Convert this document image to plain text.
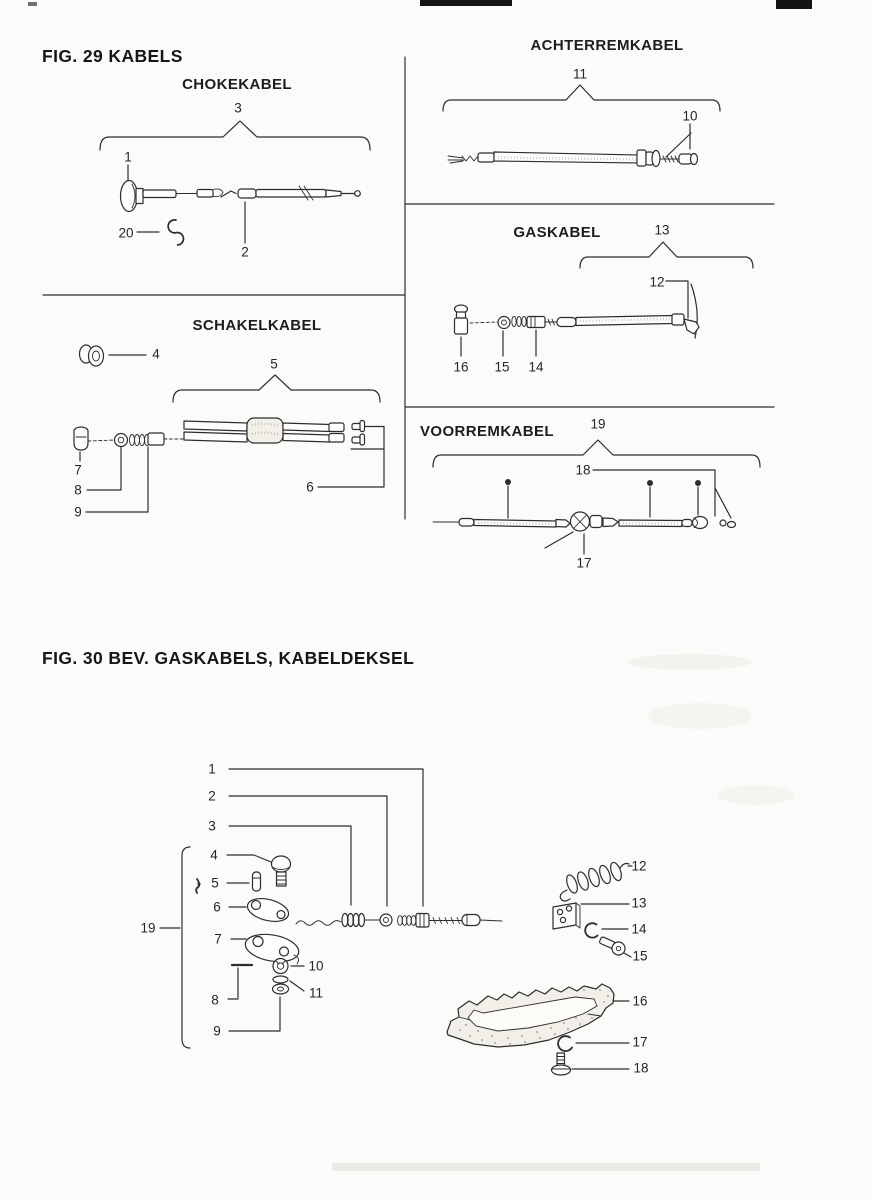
FIG. 29 KABELS
FIG. 30 BEV. GASKABELS, KABELDEKSEL
CHOKEKABEL
ACHTERREMKABEL
SCHAKELKABEL
GASKABEL
VOORREMKABEL
3
1
20
2
11
10
4
5
7
8
9
6
13
12
16 15 14
19
18
17
1
2
3
4
5
6
19
7
10
11
8
9
12
13
14
15
16
17
18
